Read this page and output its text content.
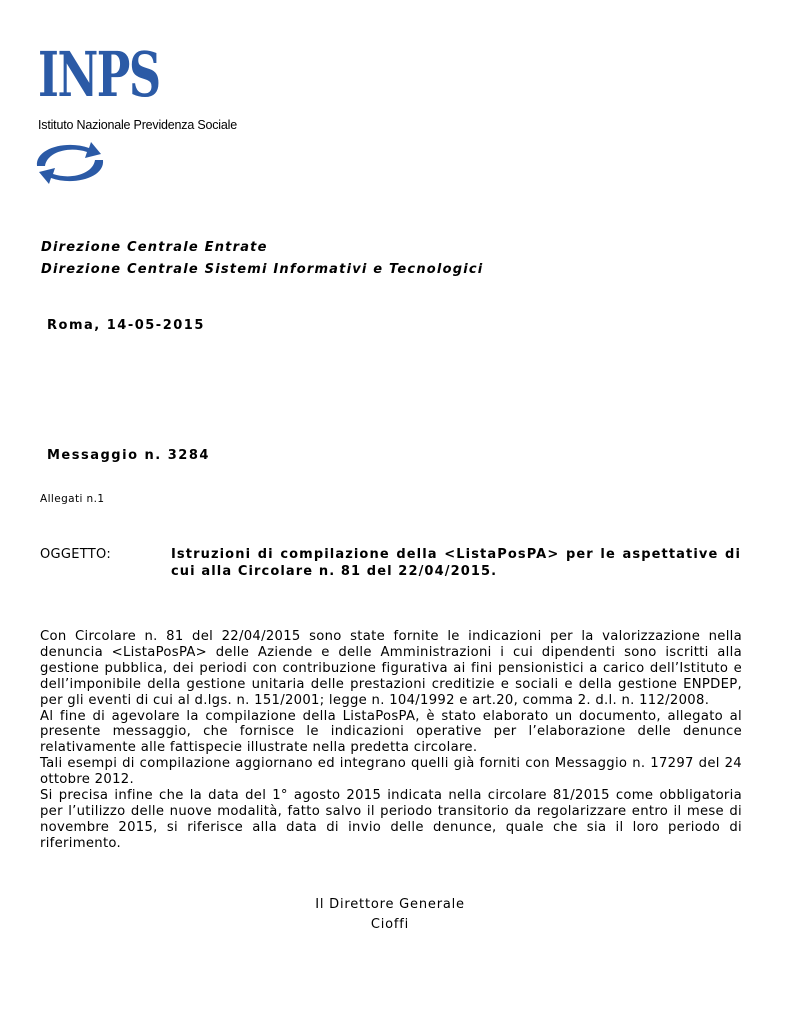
INPS
Istituto Nazionale Previdenza Sociale
Direzione Centrale Entrate
Direzione Centrale Sistemi Informativi e Tecnologici
Roma, 14-05-2015
Messaggio n. 3284
Allegati n.1
OGGETTO:	Istruzioni di compilazione della <ListaPosPA> per le aspettative di cui alla Circolare n. 81 del 22/04/2015.

Con Circolare n. 81 del 22/04/2015 sono state fornite le indicazioni per la valorizzazione nella denuncia <ListaPosPA> delle Aziende e delle Amministrazioni i cui dipendenti sono iscritti alla gestione pubblica, dei periodi con contribuzione figurativa ai fini pensionistici a carico dell’Istituto e dell’imponibile della gestione unitaria delle prestazioni creditizie e sociali e della gestione ENPDEP, per gli eventi di cui al d.lgs. n. 151/2001; legge n. 104/1992 e art.20, comma 2. d.l. n. 112/2008.

Al fine di agevolare la compilazione della ListaPosPA, è stato elaborato un documento, allegato al presente messaggio, che fornisce le indicazioni operative per l’elaborazione delle denunce relativamente alle fattispecie illustrate nella predetta circolare.

Tali esempi di compilazione aggiornano ed integrano quelli già forniti con Messaggio n. 17297 del 24 ottobre 2012.

Si precisa infine che la data del 1° agosto 2015 indicata nella circolare 81/2015 come obbligatoria per l’utilizzo delle nuove modalità, fatto salvo il periodo transitorio da regolarizzare entro il mese di novembre 2015, si riferisce alla data di invio delle denunce, quale che sia il loro periodo di riferimento.

Il Direttore Generale
Cioffi
